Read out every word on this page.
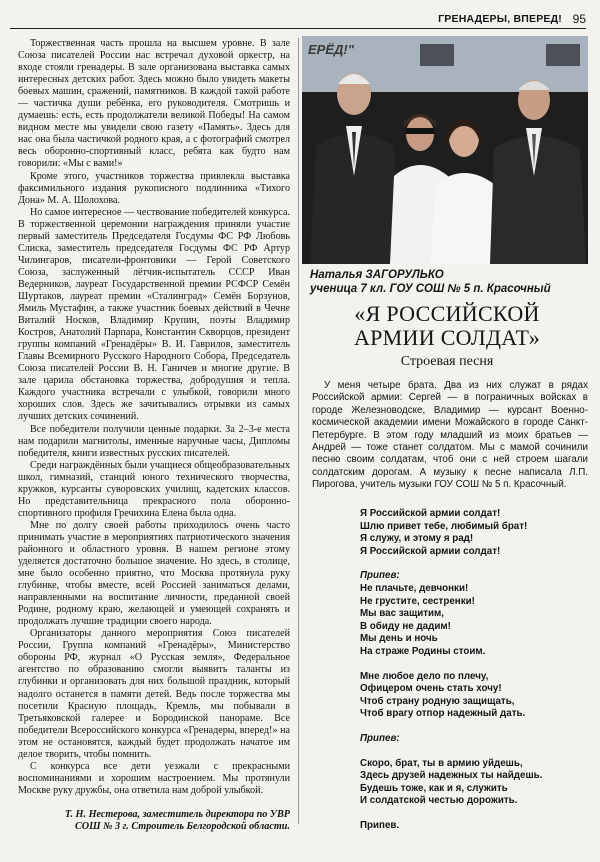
ГРЕНАДЕРЫ, ВПЕРЕД! 95

Торжественная часть прошла на высшем уровне. В зале Союза писателей России нас встречал духовой оркестр, на входе стояли гренадеры. В зале организована выставка самых интересных детских работ. Здесь можно было увидеть макеты боевых машин, сражений, памятников. В каждой такой работе — частичка души ребёнка, его руководителя. Смотришь и думаешь: есть, есть продолжатели великой Победы! На самом видном месте мы увидели свою газету «Память». Здесь для нас она была частичкой родного края, а с фотографий смотрел весь оборонно-спортивный класс, ребята как будто нам говорили: «Мы с вами!»

Кроме этого, участников торжества привлекла выставка факсимильного издания рукописного подлинника «Тихого Дона» М. А. Шолохова.

Но самое интересное — чествование победителей конкурса. В торжественной церемонии награждения приняли участие первый заместитель Председателя Госдумы ФС РФ Любовь Слиска, заместитель председателя Госдумы ФС РФ Артур Чилингаров, писатели-фронтовики — Герой Советского Союза, заслуженный лётчик-испытатель СССР Иван Ведерников, лауреат Государственной премии РСФСР Семён Шуртаков, лауреат премии «Сталинград» Семён Борзунов, Ямиль Мустафин, а также участник боевых действий в Чечне Виталий Носков, Владимир Крупин, поэты Владимир Костров, Анатолий Парпара, Константин Скворцов, президент группы компаний «Гренадёры» В. И. Гаврилов, заместитель Главы Всемирного Русского Народного Собора, Председатель Союза писателей России В. Н. Ганичев и многие другие. В зале царила обстановка торжества, добродушия и тепла. Каждого участника встречали с улыбкой, говорили много хороших слов. Здесь же зачитывались отрывки из самых лучших детских сочинений.

Все победители получили ценные подарки. За 2–3-е места нам подарили магнитолы, именные наручные часы, Дипломы победителя, книги известных русских писателей.

Среди награждённых были учащиеся общеобразовательных школ, гимназий, станций юного технического творчества, кружков, курсанты суворовских училищ, кадетских классов. Но представительница прекрасного пола оборонно-спортивного профиля Гречихина Елена была одна.

Мне по долгу своей работы приходилось очень часто принимать участие в мероприятиях патриотического значения районного и областного уровня. В нашем регионе этому уделяется достаточно большое значение. Но здесь, в столице, мне было особенно приятно, что Москва протянула руку глубинке, чтобы вместе, всей Россией заниматься делами, направленными на воспитание личности, преданной своей Родине, родному краю, желающей и умеющей сохранять и продолжать лучшие традиции своего народа.

Организаторы данного мероприятия Союз писателей России, Группа компаний «Гренадёры», Министерство обороны РФ, журнал «О Русская земля», Федеральное агентство по образованию смогли выявить таланты из глубинки и организовать для них большой праздник, который надолго останется в памяти детей. Ведь после торжества мы посетили Красную площадь, Кремль, мы побывали в Третьяковской галерее и Бородинской панораме. Все победители Всероссийского конкурса «Гренадеры, вперед!» на этом не остановятся, каждый будет продолжать начатое им делое творить, чтобы помнить.

С конкурса все дети уезжали с прекрасными воспоминаниями и хорошим настроением. Мы протянули Москве руку дружбы, она ответила нам доброй улыбкой.

Т. Н. Нестерова, заместитель директора по УВР
СОШ № 3 г. Строитель Белгородской области.

ЕРЁД!"
Наталья ЗАГОРУЛЬКО
ученица 7 кл. ГОУ СОШ № 5 п. Красочный
«Я РОССИЙСКОЙ
АРМИИ СОЛДАТ»
Строевая песня

У меня четыре брата. Два из них служат в рядах Российской армии: Сергей — в пограничных войсках в городе Железноводске, Владимир — курсант Военно-космической академии имени Можайского в городе Санкт-Петербурге. В этом году младший из моих братьев — Андрей — тоже станет солдатом. Мы с мамой сочинили песню своим солдатам, чтоб они с ней строем шагали солдатским дорогам. А музыку к песне написала Л.П. Пирогова, учитель музыки ГОУ СОШ № 5 п. Красочный.

Я Российской армии солдат!
Шлю привет тебе, любимый брат!
Я служу, и этому я рад!
Я Российской армии солдат!
Припев:
Не плачьте, девчонки!
Не грустите, сестренки!
Мы вас защитим,
В обиду не дадим!
Мы день и ночь
На страже Родины стоим.
Мне любое дело по плечу,
Офицером очень стать хочу!
Чтоб страну родную защищать,
Чтоб врагу отпор надежный дать.
Припев:
Скоро, брат, ты в армию уйдешь,
Здесь друзей надежных ты найдешь.
Будешь тоже, как и я, служить
И солдатской честью дорожить.
Припев.
